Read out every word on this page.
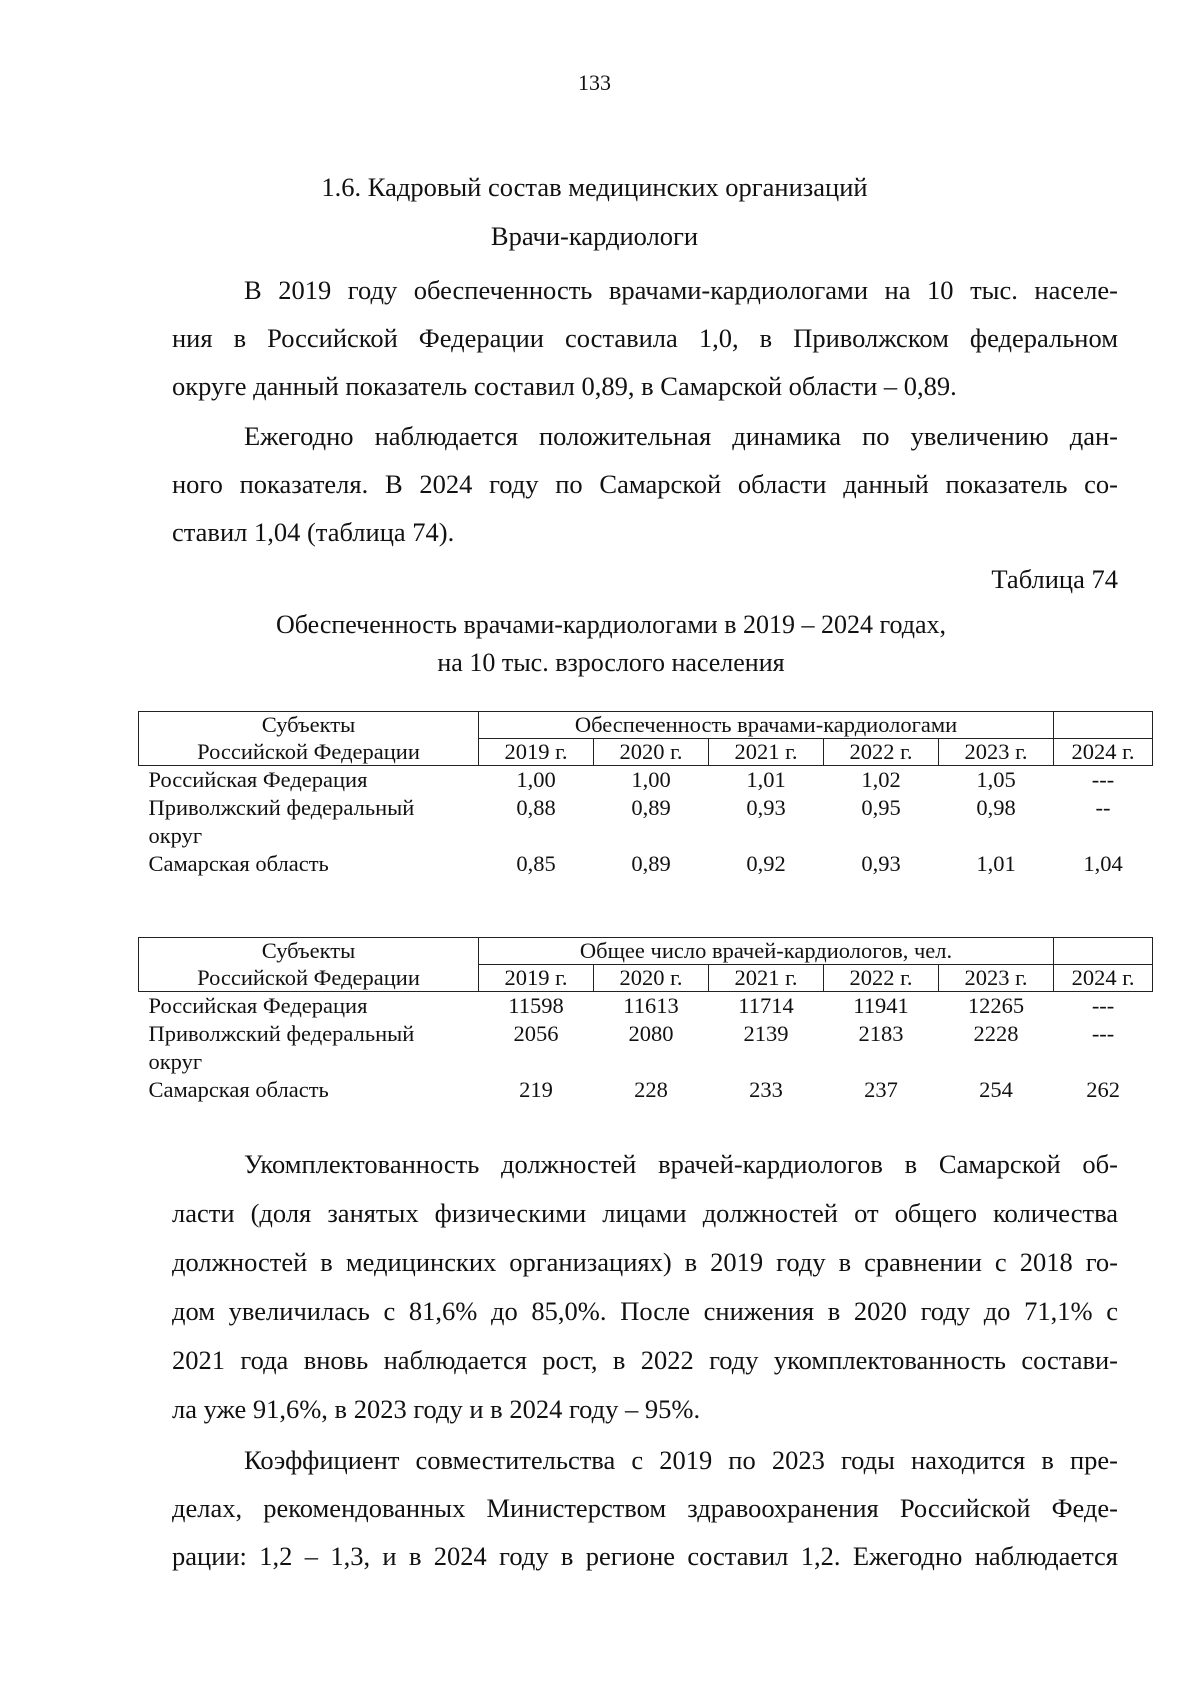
133
1.6. Кадровый состав медицинских организаций
Врачи-кардиологи
В 2019 году обеспеченность врачами-кардиологами на 10 тыс. населе-
ния в Российской Федерации составила 1,0, в Приволжском федеральном
округе данный показатель составил 0,89, в Самарской области – 0,89.
Ежегодно наблюдается положительная динамика по увеличению дан-
ного показателя. В 2024 году по Самарской области данный показатель со-
ставил 1,04 (таблица 74).
Таблица 74
Обеспеченность врачами-кардиологами в 2019 – 2024 годах,
на 10 тыс. взрослого населения
Субъекты	Обеспеченность врачами-кардиологами					
Российской Федерации	2019 г.	2020 г.	2021 г.	2022 г.	2023 г.	2024 г.
Российская Федерация	1,00	1,00	1,01	1,02	1,05	---

Приволжский федеральный
округ	0,88	0,89	0,93	0,95	0,98	--
Самарская область	0,85	0,89	0,92	0,93	1,01	1,04
Субъекты	Общее число врачей-кардиологов, чел.					
Российской Федерации	2019 г.	2020 г.	2021 г.	2022 г.	2023 г.	2024 г.
Российская Федерация	11598	11613	11714	11941	12265	---

Приволжский федеральный
округ	2056	2080	2139	2183	2228	---
Самарская область	219	228	233	237	254	262
Укомплектованность должностей врачей-кардиологов в Самарской об-
ласти (доля занятых физическими лицами должностей от общего количества
должностей в медицинских организациях) в 2019 году в сравнении с 2018 го-
дом увеличилась с 81,6% до 85,0%. После снижения в 2020 году до 71,1% с
2021 года вновь наблюдается рост, в 2022 году укомплектованность состави-
ла уже 91,6%, в 2023 году и в 2024 году – 95%.
Коэффициент совместительства с 2019 по 2023 годы находится в пре-
делах, рекомендованных Министерством здравоохранения Российской Феде-
рации: 1,2 – 1,3, и в 2024 году в регионе составил 1,2. Ежегодно наблюдается
